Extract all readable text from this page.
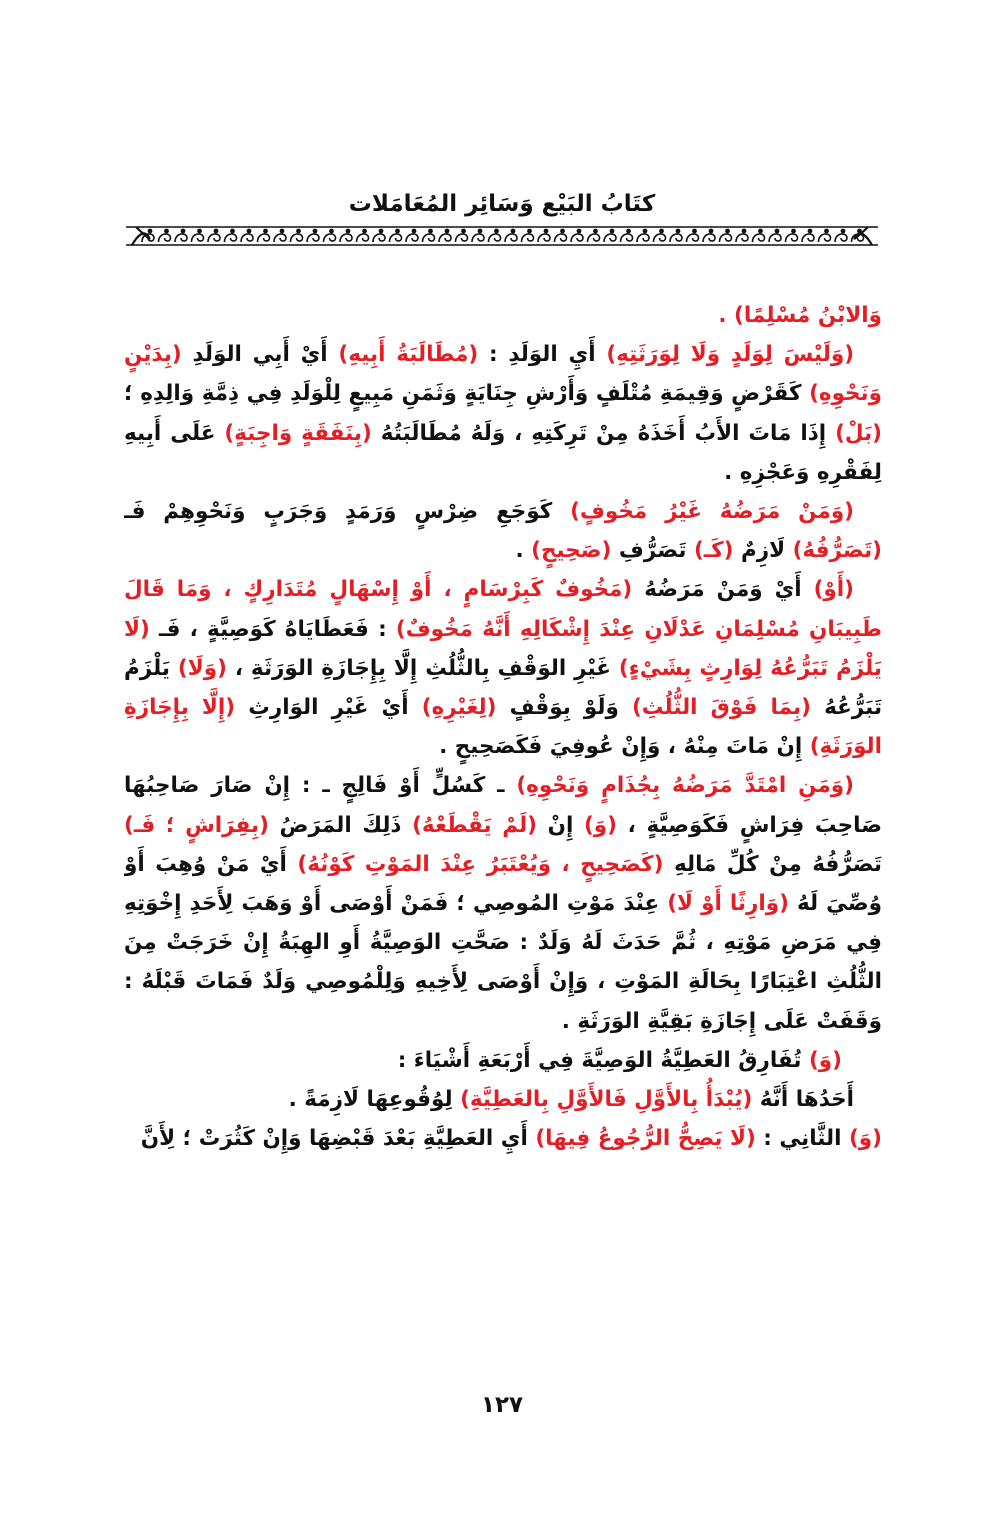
كتَابُ البَيْع وَسَائِر المُعَامَلات

وَالابْنُ مُسْلِمًا) .

(وَلَيْسَ لِوَلَدٍ وَلَا لِوَرَثَتِهِ) أَيِ الوَلَدِ : (مُطَالَبَةُ أَبِيهِ) أَيْ أَبِي الوَلَدِ (بِدَيْنٍ وَنَحْوِهِ) كَقَرْضٍ وَقِيمَةِ مُتْلَفٍ وَأَرْشِ جِنَايَةٍ وَثَمَنِ مَبِيعٍ لِلْوَلَدِ فِي ذِمَّةِ وَالِدِهِ ؛ (بَلْ) إِذَا مَاتَ الأَبُ أَخَذَهُ مِنْ تَرِكَتِهِ ، وَلَهُ مُطَالَبَتُهُ (بِنَفَقَةٍ وَاجِبَةٍ) عَلَى أَبِيهِ لِفَقْرِهِ وَعَجْزِهِ .

(وَمَنْ مَرَضُهُ غَيْرُ مَخُوفٍ) كَوَجَعِ ضِرْسٍ وَرَمَدٍ وَجَرَبٍ وَنَحْوِهِمْ فَـ (تَصَرُّفُهُ) لَازِمٌ (كَـ) تَصَرُّفِ (صَحِيحٍ) .

(أَوْ) أَيْ وَمَنْ مَرَضُهُ (مَخُوفٌ كَبِرْسَامٍ ، أَوْ إِسْهَالٍ مُتَدَارِكٍ ، وَمَا قَالَ طَبِيبَانِ مُسْلِمَانِ عَدْلَانِ عِنْدَ إِشْكَالِهِ أَنَّهُ مَخُوفٌ) : فَعَطَايَاهُ كَوَصِيَّةٍ ، فَـ (لَا يَلْزَمُ تَبَرُّعُهُ لِوَارِثٍ بِشَيْءٍ) غَيْرِ الوَقْفِ بِالثُّلُثِ إِلَّا بِإِجَازَةِ الوَرَثَةِ ، (وَلَا) يَلْزَمُ تَبَرُّعُهُ (بِمَا فَوْقَ الثُّلُثِ) وَلَوْ بِوَقْفٍ (لِغَيْرِهِ) أَيْ غَيْرِ الوَارِثِ (إِلَّا بِإِجَازَةِ الوَرَثَةِ) إِنْ مَاتَ مِنْهُ ، وَإِنْ عُوفِيَ فَكَصَحِيحٍ .

(وَمَنِ امْتَدَّ مَرَضُهُ بِجُذَامٍ وَنَحْوِهِ) ـ كَسُلٍّ أَوْ فَالِجٍ ـ : إِنْ صَارَ صَاحِبُهَا صَاحِبَ فِرَاشٍ فَكَوَصِيَّةٍ ، (وَ) إِنْ (لَمْ يَقْطَعْهُ) ذَلِكَ المَرَضُ (بِفِرَاشٍ ؛ فَـ) تَصَرُّفُهُ مِنْ كُلِّ مَالِهِ (كَصَحِيحٍ ، وَيُعْتَبَرُ عِنْدَ المَوْتِ كَوْنُهُ) أَيْ مَنْ وُهِبَ أَوْ وُصِّيَ لَهُ (وَارِثًا أَوْ لَا) عِنْدَ مَوْتِ المُوصِي ؛ فَمَنْ أَوْصَى أَوْ وَهَبَ لِأَحَدِ إِخْوَتِهِ فِي مَرَضِ مَوْتِهِ ، ثُمَّ حَدَثَ لَهُ وَلَدٌ : صَحَّتِ الوَصِيَّةُ أَوِ الهِبَةُ إِنْ خَرَجَتْ مِنَ الثُّلُثِ اعْتِبَارًا بِحَالَةِ المَوْتِ ، وَإِنْ أَوْصَى لِأَخِيهِ وَلِلْمُوصِي وَلَدٌ فَمَاتَ قَبْلَهُ : وَقَفَتْ عَلَى إِجَازَةِ بَقِيَّةِ الوَرَثَةِ .

(وَ) تُفَارِقُ العَطِيَّةُ الوَصِيَّةَ فِي أَرْبَعَةِ أَشْيَاءَ :

أَحَدُهَا أَنَّهُ (يُبْدَأُ بِالأَوَّلِ فَالأَوَّلِ بِالعَطِيَّةِ) لِوُقُوعِهَا لَازِمَةً .

(وَ) الثَّانِي : (لَا يَصِحُّ الرُّجُوعُ فِيهَا) أَيِ العَطِيَّةِ بَعْدَ قَبْضِهَا وَإِنْ كَثُرَتْ ؛ لِأَنَّ

١٢٧
